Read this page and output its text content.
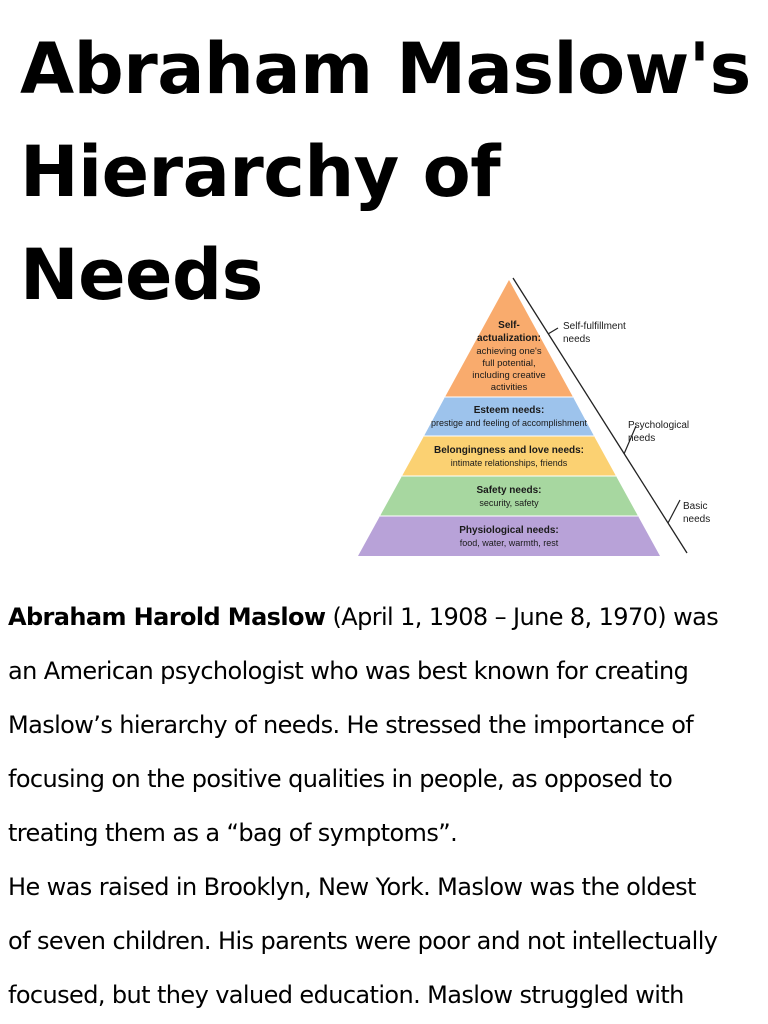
Abraham Maslow's
Hierarchy of
Needs
Self-
actualization:
achieving one's
full potential,
including creative
activities
Esteem needs:
prestige and feeling of accomplishment
Belongingness and love needs:
intimate relationships, friends
Safety needs:
security, safety
Physiological needs:
food, water, warmth, rest
Self-fulfillment
needs
Psychological
needs
Basic
needs
Abraham Harold Maslow (April 1, 1908 – June 8, 1970) was
an American psychologist who was best known for creating
Maslow’s hierarchy of needs. He stressed the importance of
focusing on the positive qualities in people, as opposed to
treating them as a “bag of symptoms”.
He was raised in Brooklyn, New York. Maslow was the oldest
of seven children. His parents were poor and not intellectually
focused, but they valued education. Maslow struggled with
